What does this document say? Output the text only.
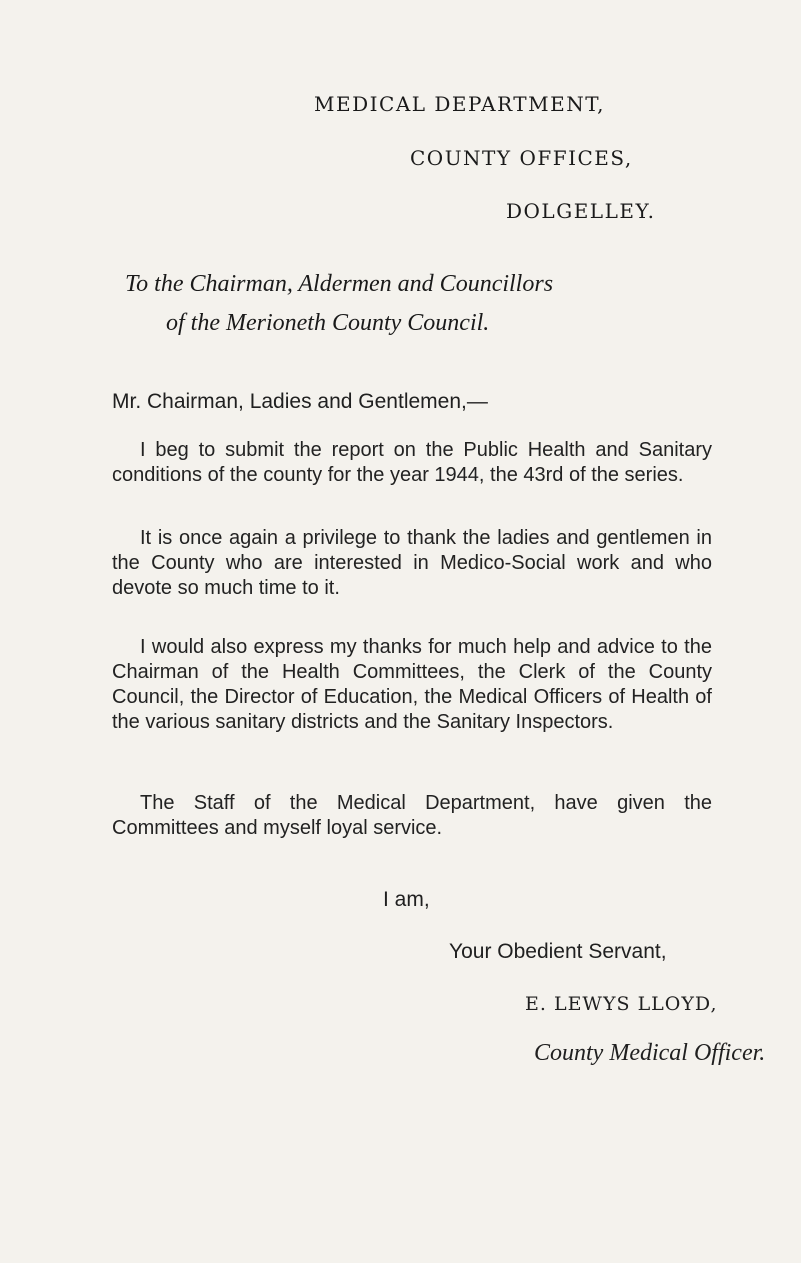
MEDICAL DEPARTMENT,
COUNTY OFFICES,
DOLGELLEY.
To the Chairman, Aldermen and Councillors
of the Merioneth County Council.
Mr. Chairman, Ladies and Gentlemen,—

I beg to submit the report on the Public Health and Sanitary conditions of the county for the year 1944, the 43rd of the series.

It is once again a privilege to thank the ladies and gentlemen in the County who are interested in Medico-Social work and who devote so much time to it.

I would also express my thanks for much help and advice to the Chairman of the Health Committees, the Clerk of the County Council, the Director of Education, the Medical Officers of Health of the various sanitary districts and the Sanitary Inspectors.

The Staff of the Medical Department, have given the Committees and myself loyal service.

I am,
Your Obedient Servant,
E. LEWYS LLOYD,
County Medical Officer.
